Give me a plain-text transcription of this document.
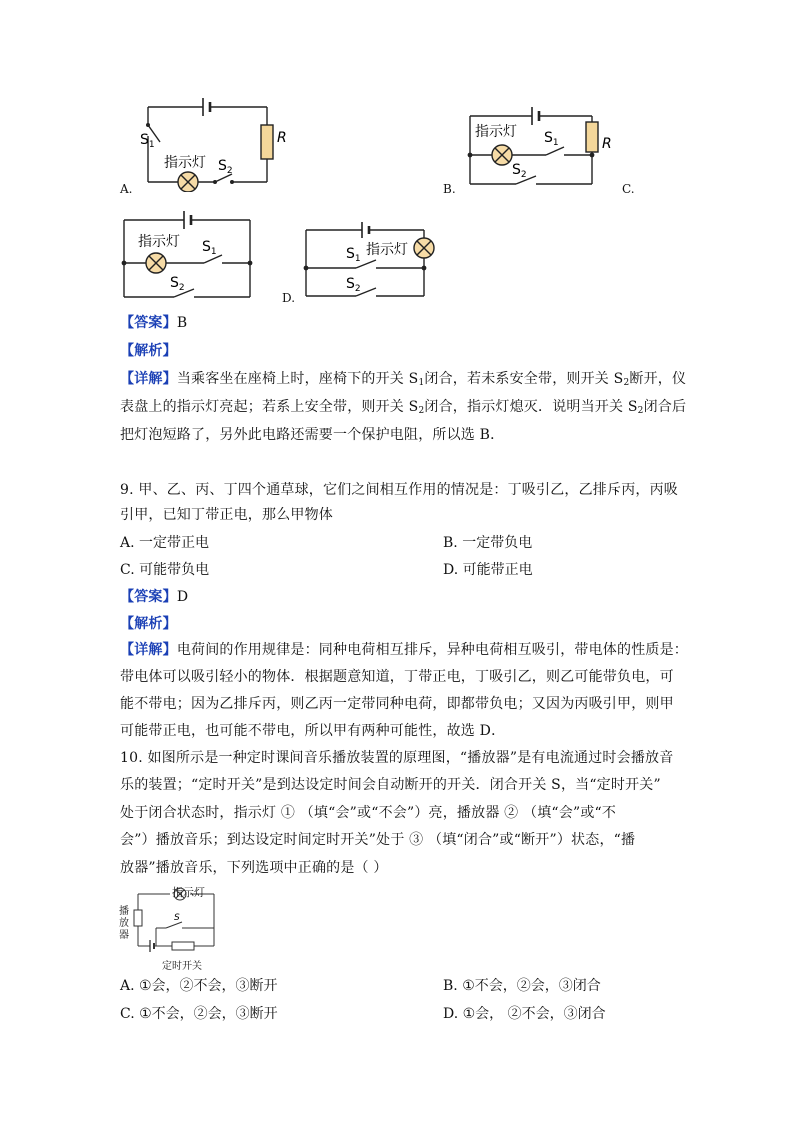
$S_1$
指示灯 $S_2$
R
A.
指示灯 $S_1$
$S_2$
R
B.	C.
指示灯 $S_1$
$S_2$
D.
指示灯
$S_1$
$S_2$
【答案】B
【解析】
【详解】当乘客坐在座椅上时，座椅下的开关 $S_1$闭合，若未系安全带，则开关 $S_2$断开，仪
表盘上的指示灯亮起；若系上安全带，则开关 $S_2$闭合，指示灯熄灭．说明当开关 $S_2$闭合后
把灯泡短路了，另外此电路还需要一个保护电阻，所以选 B．
9. 甲、乙、丙、丁四个通草球，它们之间相互作用的情况是：丁吸引乙，乙排斥丙，丙吸
引甲，已知丁带正电，那么甲物体
A. 一定带正电	B. 一定带负电
C. 可能带负电	D. 可能带正电
【答案】D
【解析】
【详解】电荷间的作用规律是：同种电荷相互排斥，异种电荷相互吸引，带电体的性质是：
带电体可以吸引轻小的物体．根据题意知道，丁带正电，丁吸引乙，则乙可能带负电，可
能不带电；因为乙排斥丙，则乙丙一定带同种电荷，即都带负电；又因为丙吸引甲，则甲
可能带正电，也可能不带电，所以甲有两种可能性，故选 D．
10. 如图所示是一种定时课间音乐播放装置的原理图，“播放器”是有电流通过时会播放音
乐的装置；“定时开关”是到达设定时间会自动断开的开关．闭合开关 S，当“定时开关”
处于闭合状态时，指示灯 ① （填“会”或“不会”）亮，播放器 ② （填“会”或“不
会”）播放音乐；到达设定时间定时开关”处于 ③ （填“闭合”或“断开”）状态，“播
放器”播放音乐，下列选项中正确的是（ ）
S
指示灯
播
放
器
定时开关
A. ①会，②不会，③断开	B. ①不会，②会，③闭合
C. ①不会，②会，③断开	D. ①会， ②不会，③闭合
